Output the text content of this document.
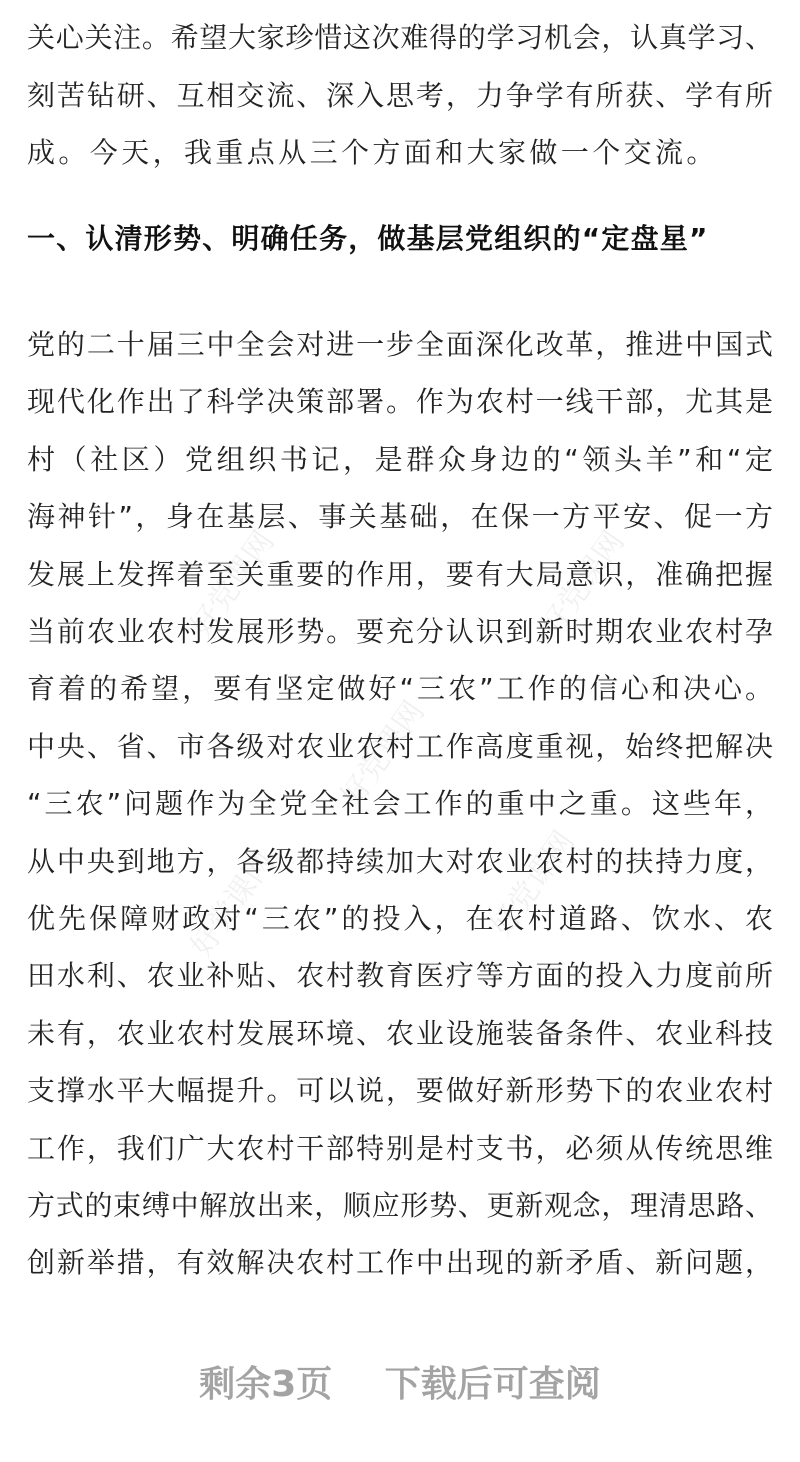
好党课网	好党课网
好党课网
好党课网	好党课网
关心关注。希望大家珍惜这次难得的学习机会，认真学习、
刻苦钻研、互相交流、深入思考，力争学有所获、学有所
成。今天，我重点从三个方面和大家做一个交流。
一、认清形势、明确任务，做基层党组织的“定盘星”
党的二十届三中全会对进一步全面深化改革，推进中国式
现代化作出了科学决策部署。作为农村一线干部，尤其是
村（社区）党组织书记，是群众身边的“领头羊”和“定
海神针”，身在基层、事关基础，在保一方平安、促一方
发展上发挥着至关重要的作用，要有大局意识，准确把握
当前农业农村发展形势。要充分认识到新时期农业农村孕
育着的希望，要有坚定做好“三农”工作的信心和决心。
中央、省、市各级对农业农村工作高度重视，始终把解决
“三农”问题作为全党全社会工作的重中之重。这些年，
从中央到地方，各级都持续加大对农业农村的扶持力度，
优先保障财政对“三农”的投入，在农村道路、饮水、农
田水利、农业补贴、农村教育医疗等方面的投入力度前所
未有，农业农村发展环境、农业设施装备条件、农业科技
支撑水平大幅提升。可以说，要做好新形势下的农业农村
工作，我们广大农村干部特别是村支书，必须从传统思维
方式的束缚中解放出来，顺应形势、更新观念，理清思路、
创新举措，有效解决农村工作中出现的新矛盾、新问题，
剩余3页 下载后可查阅
